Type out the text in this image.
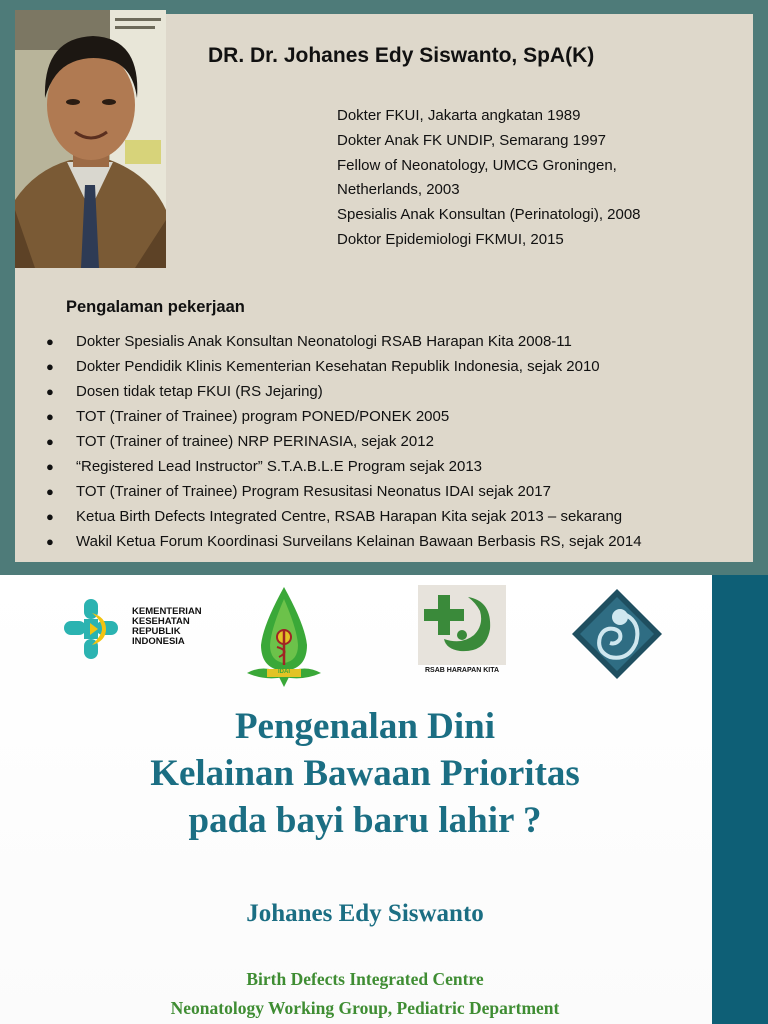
DR. Dr. Johanes Edy Siswanto, SpA(K)
Dokter FKUI, Jakarta angkatan 1989
Dokter Anak FK UNDIP, Semarang 1997
Fellow of Neonatology, UMCG Groningen,
Netherlands, 2003
Spesialis Anak Konsultan (Perinatologi), 2008
Doktor Epidemiologi FKMUI, 2015
Pengalaman pekerjaan
● Dokter Spesialis Anak Konsultan Neonatologi RSAB Harapan Kita 2008-11
● Dokter Pendidik Klinis Kementerian Kesehatan Republik Indonesia, sejak 2010
● Dosen tidak tetap FKUI (RS Jejaring)
● TOT (Trainer of Trainee) program PONED/PONEK 2005
● TOT (Trainer of trainee) NRP PERINASIA, sejak 2012
● “Registered Lead Instructor” S.T.A.B.L.E Program sejak 2013
● TOT (Trainer of Trainee) Program Resusitasi Neonatus IDAI sejak 2017
● Ketua Birth Defects Integrated Centre, RSAB Harapan Kita sejak 2013 – sekarang
● Wakil Ketua Forum Koordinasi Surveilans Kelainan Bawaan Berbasis RS, sejak 2014
KEMENTERIAN
KESEHATAN
REPUBLIK
INDONESIA
IDAI	RSAB HARAPAN KITA
Pengenalan Dini
Kelainan Bawaan Prioritas
pada bayi baru lahir ?
Johanes Edy Siswanto
Birth Defects Integrated Centre
Neonatology Working Group, Pediatric Department
